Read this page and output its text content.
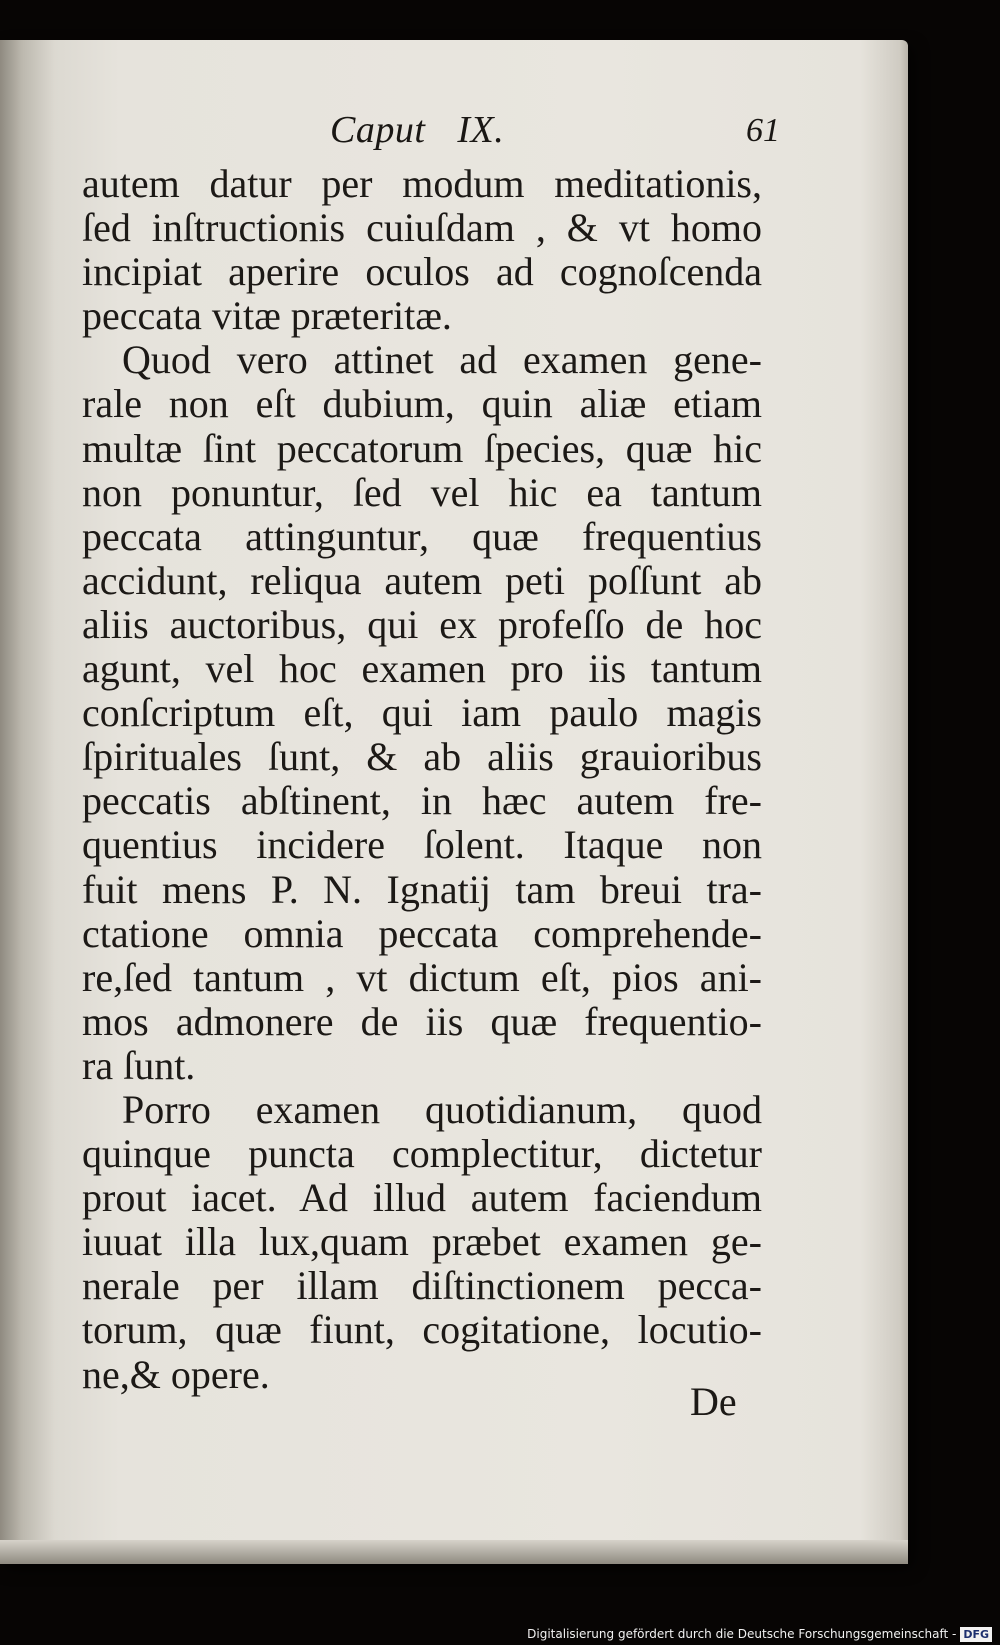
Caput IX.	61
autem datur per modum meditationis,
ſed inſtructionis cuiuſdam , & vt homo
incipiat aperire oculos ad cognoſcenda
peccata vitæ præteritæ.
Quod vero attinet ad examen gene-
rale non eſt dubium, quin aliæ etiam
multæ ſint peccatorum ſpecies, quæ hic
non ponuntur, ſed vel hic ea tantum
peccata attinguntur, quæ frequentius
accidunt, reliqua autem peti poſſunt ab
aliis auctoribus, qui ex profeſſo de hoc
agunt, vel hoc examen pro iis tantum
conſcriptum eſt, qui iam paulo magis
ſpirituales ſunt, & ab aliis grauioribus
peccatis abſtinent, in hæc autem fre-
quentius incidere ſolent. Itaque non
fuit mens P. N. Ignatij tam breui tra-
ctatione omnia peccata comprehende-
re,ſed tantum , vt dictum eſt, pios ani-
mos admonere de iis quæ frequentio-
ra ſunt.
Porro examen quotidianum, quod
quinque puncta complectitur, dictetur
prout iacet. Ad illud autem faciendum
iuuat illa lux,quam præbet examen ge-
nerale per illam diſtinctionem pecca-
torum, quæ fiunt, cogitatione, locutio-
ne,& opere.
De
Digitalisierung gefördert durch die Deutsche Forschungsgemeinschaft - DFG
